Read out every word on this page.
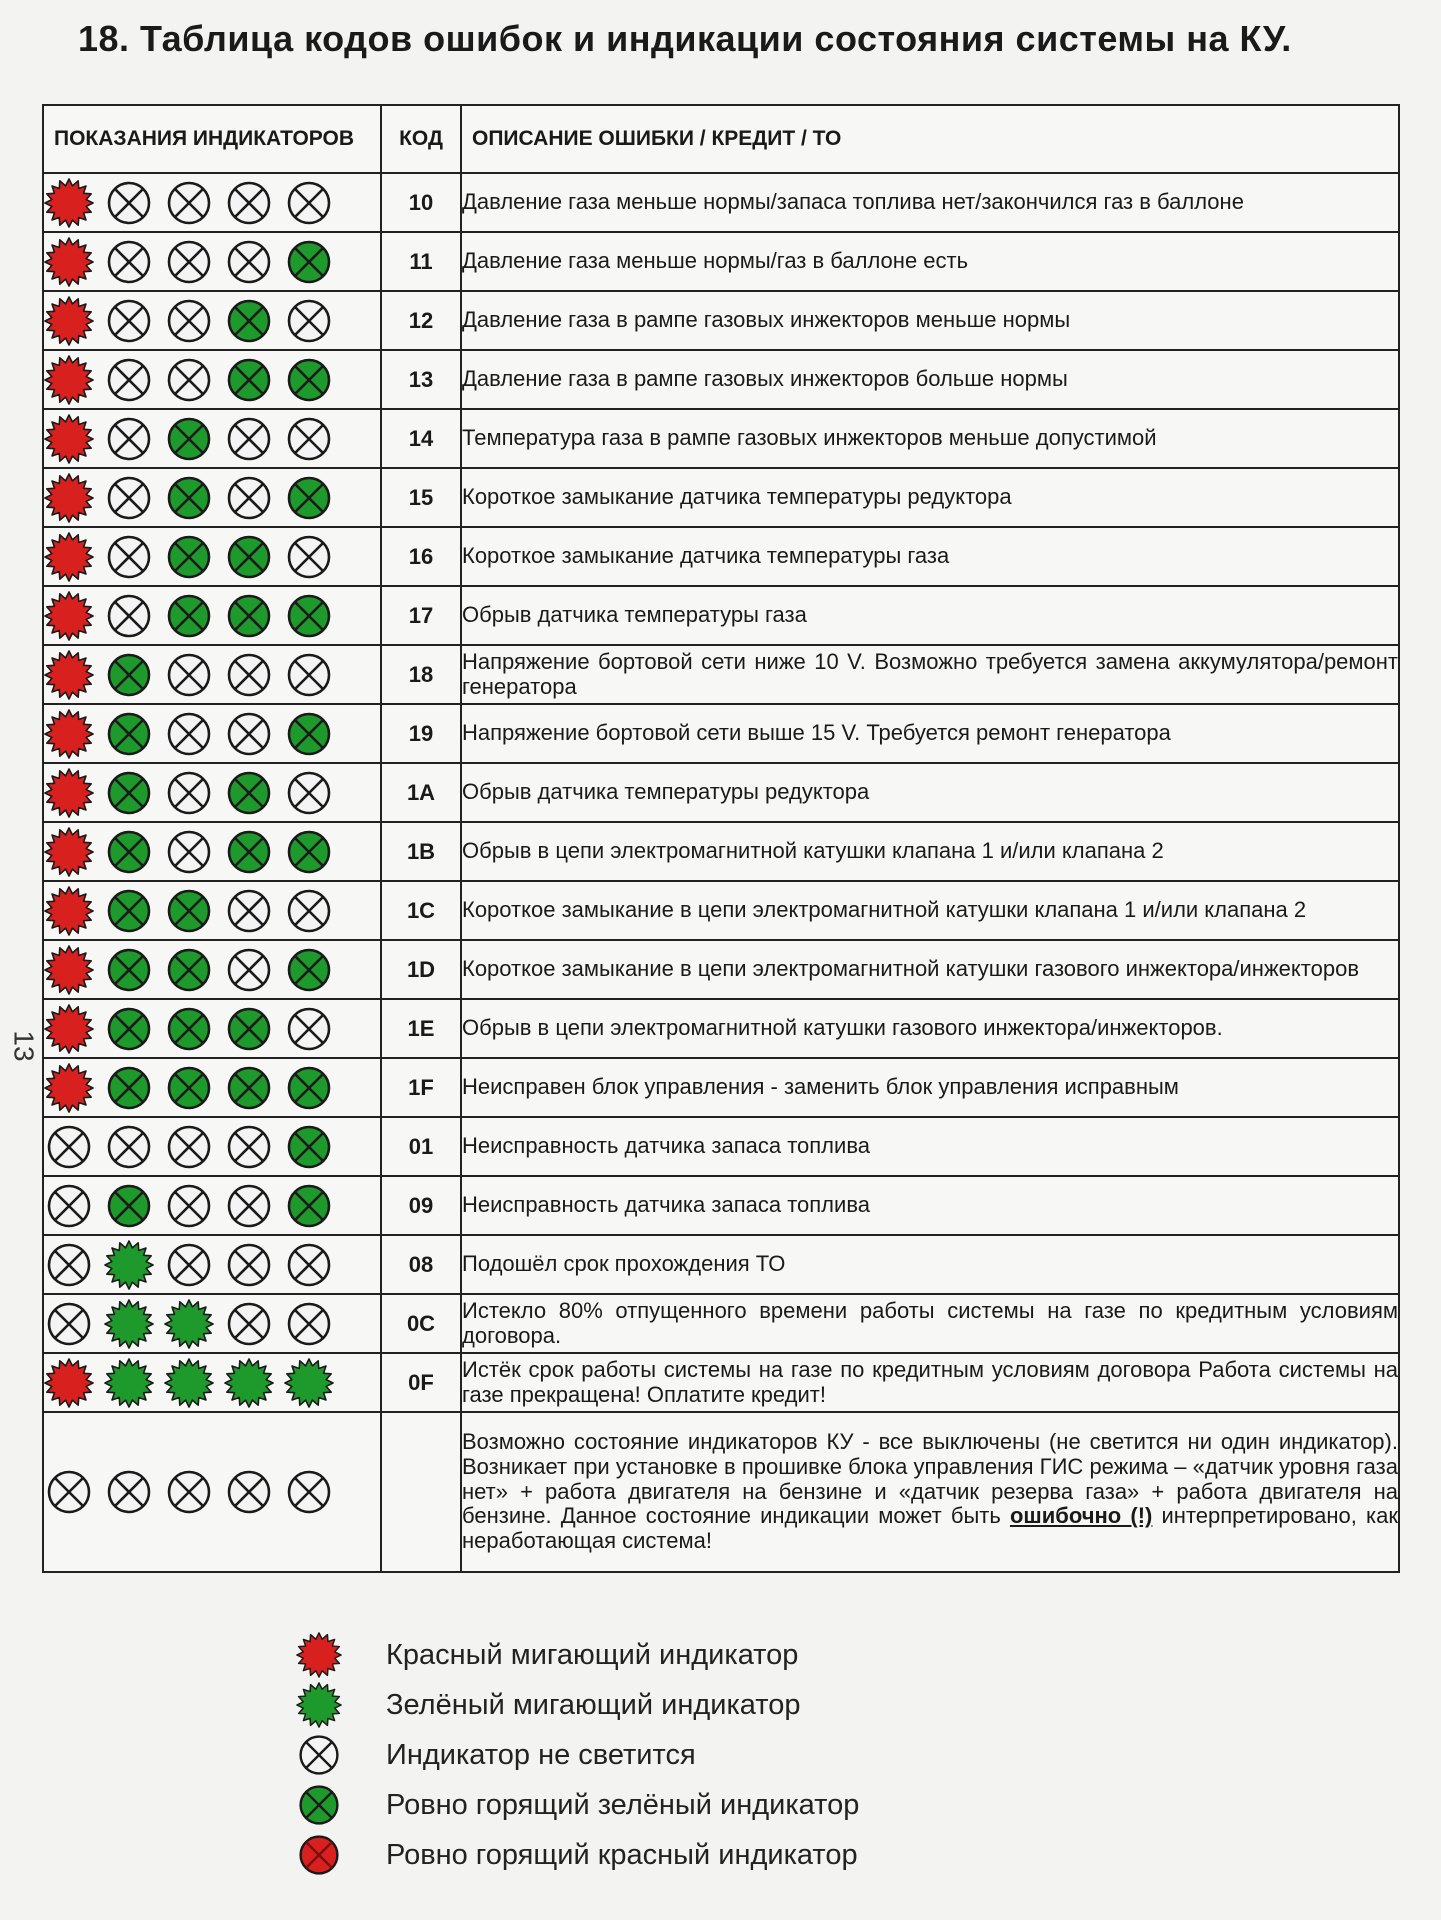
18. Таблица кодов ошибок и индикации состояния системы на КУ.
13
ПОКАЗАНИЯ ИНДИКАТОРОВ	КОД	ОПИСАНИЕ ОШИБКИ / КРЕДИТ / ТО

	10	Давление газа меньше нормы/запаса топлива нет/закончился газ в баллоне

	11	Давление газа меньше нормы/газ в баллоне есть

	12	Давление газа в рампе газовых инжекторов меньше нормы

	13	Давление газа в рампе газовых инжекторов больше нормы

	14	Температура газа в рампе газовых инжекторов меньше допустимой

	15	Короткое замыкание датчика температуры редуктора

	16	Короткое замыкание датчика температуры газа

	17	Обрыв датчика температуры газа

	18	Напряжение бортовой сети ниже 10 V. Возможно требуется замена аккумулятора/ремонт генератора

	19	Напряжение бортовой сети выше 15 V. Требуется ремонт генератора

	1A	Обрыв датчика температуры редуктора

	1B	Обрыв в цепи электромагнитной катушки клапана 1 и/или клапана 2

	1C	Короткое замыкание в цепи электромагнитной катушки клапана 1 и/или клапана 2

	1D	Короткое замыкание в цепи электромагнитной катушки газового инжектора/инжекторов

	1E	Обрыв в цепи электромагнитной катушки газового инжектора/инжекторов.

	1F	Неисправен блок управления - заменить блок управления исправным

	01	Неисправность датчика запаса топлива

	09	Неисправность датчика запаса топлива

	08	Подошёл срок прохождения ТО

	0C	Истекло 80% отпущенного времени работы системы на газе по кредитным условиям договора.

	0F	Истёк срок работы системы на газе по кредитным условиям договора Работа системы на газе прекращена! Оплатите кредит!

		Возможно состояние индикаторов КУ - все выключены (не светится ни один индикатор). Возникает при установке в прошивке блока управления ГИС режима – «датчик уровня газа нет» + работа двигателя на бензине и «датчик резерва газа» + работа двигателя на бензине. Данное состояние индикации может быть ошибочно (!) интерпретировано, как неработающая система!
Красный мигающий индикатор
Зелёный мигающий индикатор
Индикатор не светится
Ровно горящий зелёный индикатор
Ровно горящий красный индикатор
